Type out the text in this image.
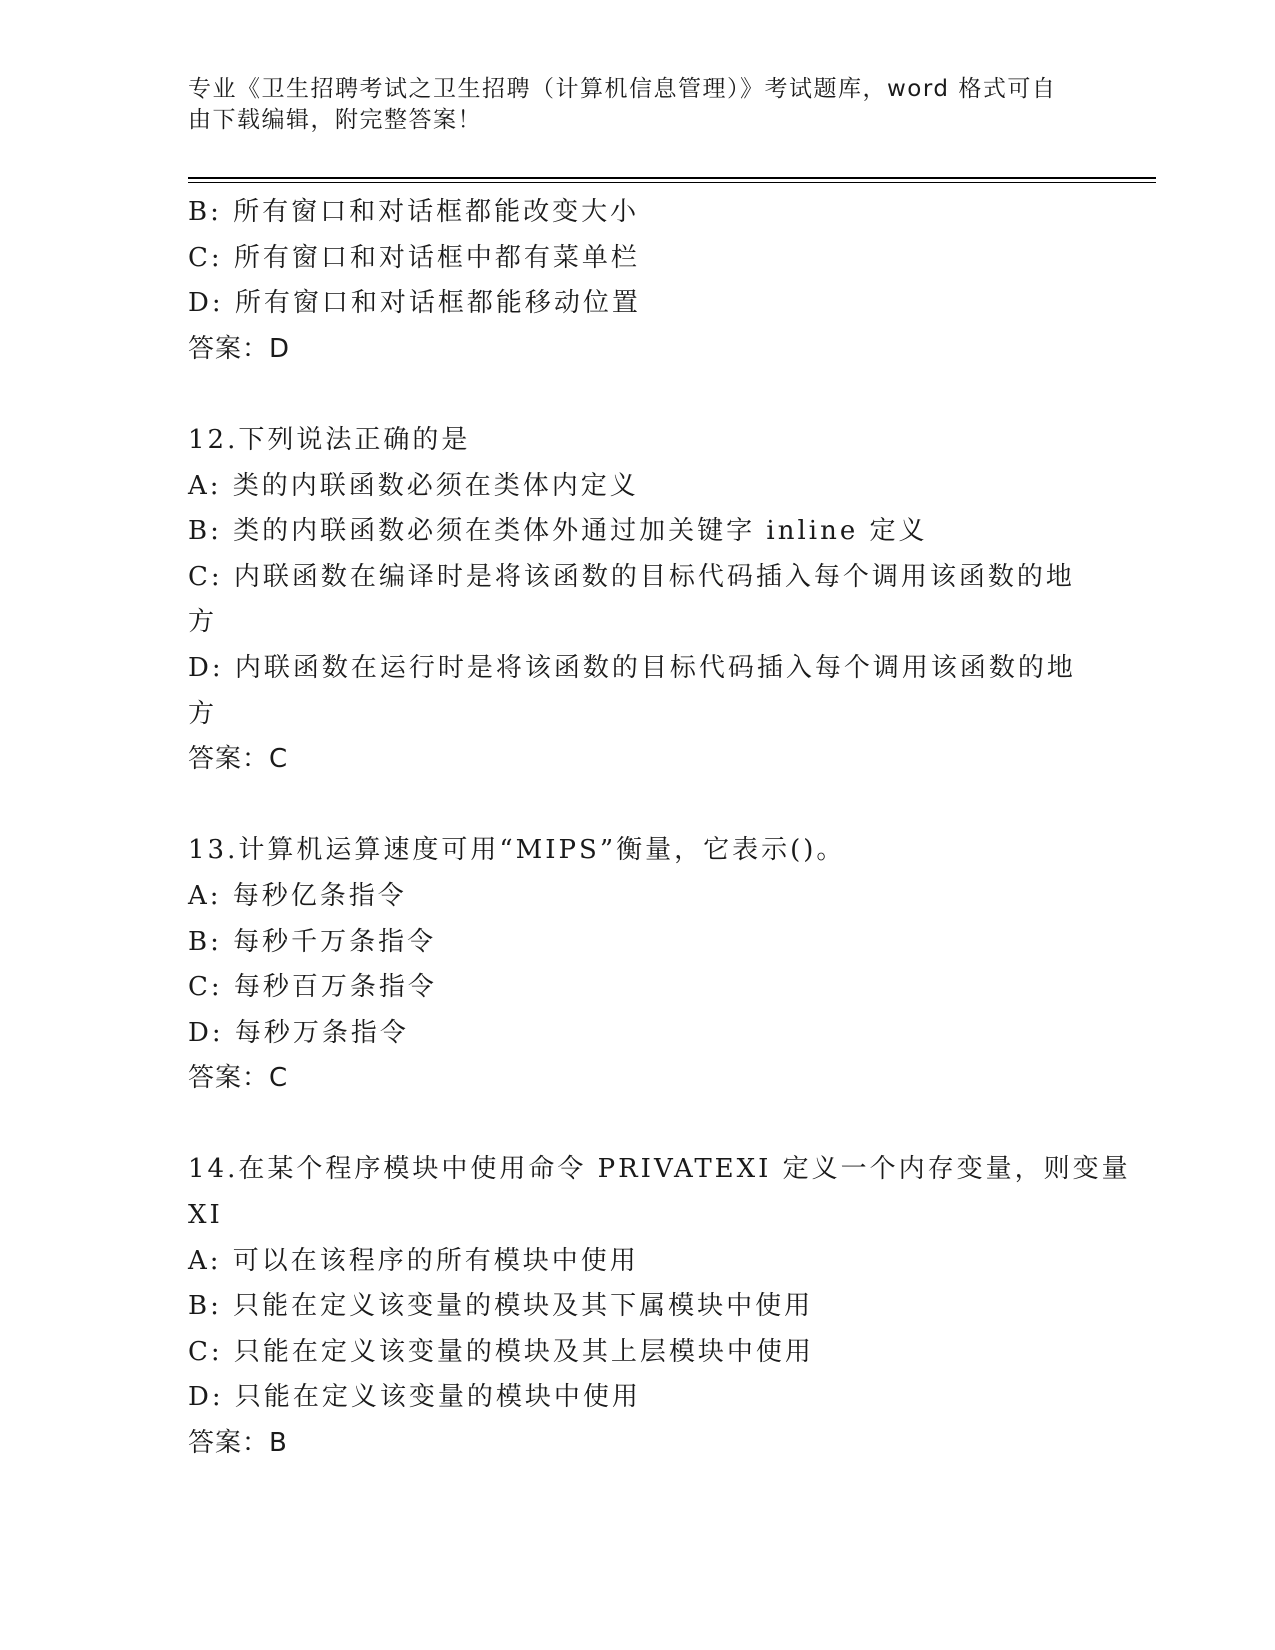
专业《卫生招聘考试之卫生招聘（计算机信息管理）》考试题库，word 格式可自
由下载编辑，附完整答案！
B: 所有窗口和对话框都能改变大小
C: 所有窗口和对话框中都有菜单栏
D: 所有窗口和对话框都能移动位置
答案：D
12.下列说法正确的是
A: 类的内联函数必须在类体内定义
B: 类的内联函数必须在类体外通过加关键字 inline 定义
C: 内联函数在编译时是将该函数的目标代码插入每个调用该函数的地
方
D: 内联函数在运行时是将该函数的目标代码插入每个调用该函数的地
方
答案：C
13.计算机运算速度可用“MIPS”衡量，它表示()。
A: 每秒亿条指令
B: 每秒千万条指令
C: 每秒百万条指令
D: 每秒万条指令
答案：C
14.在某个程序模块中使用命令 PRIVATEXI 定义一个内存变量，则变量
XI
A: 可以在该程序的所有模块中使用
B: 只能在定义该变量的模块及其下属模块中使用
C: 只能在定义该变量的模块及其上层模块中使用
D: 只能在定义该变量的模块中使用
答案：B
